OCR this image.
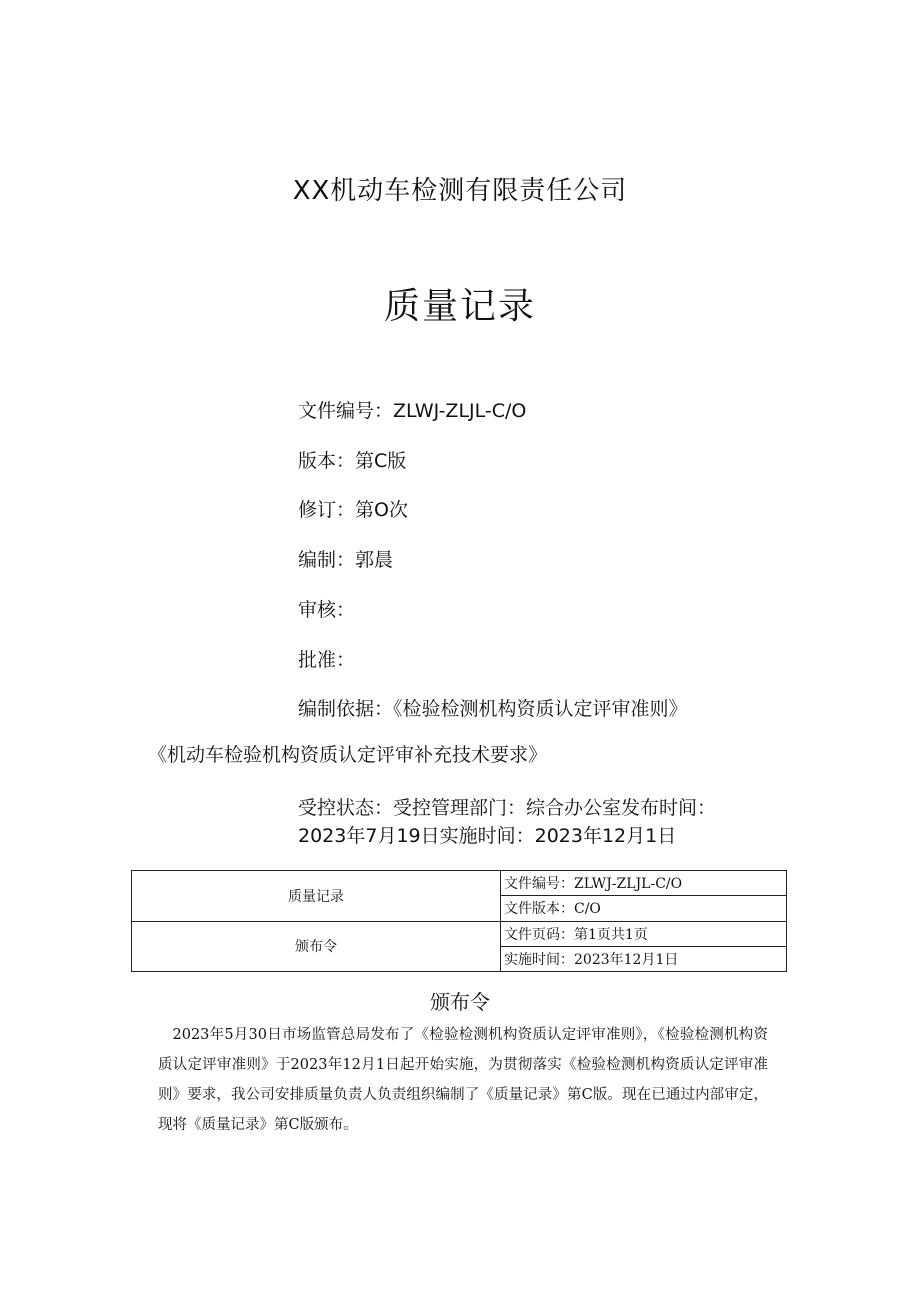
XX机动车检测有限责任公司
质量记录
文件编号：ZLWJ-ZLJL-C/O
版本：第C版
修订：第O次
编制：郭晨
审核：
批准：
编制依据：《检验检测机构资质认定评审准则》
《机动车检验机构资质认定评审补充技术要求》
受控状态：受控管理部门：综合办公室发布时间：
2023年7月19日实施时间：2023年12月1日
质量记录	文件编号：ZLWJ-ZLJL-C/O
	文件版本：C/O
颁布令	文件页码：第1页共1页
	实施时间：2023年12月1日
颁布令
2023年5月30日市场监管总局发布了《检验检测机构资质认定评审准则》，《检验检测机构资质认定评审准则》于2023年12月1日起开始实施，为贯彻落实《检验检测机构资质认定评审准则》要求，我公司安排质量负责人负责组织编制了《质量记录》第C版。现在已通过内部审定，现将《质量记录》第C版颁布。
